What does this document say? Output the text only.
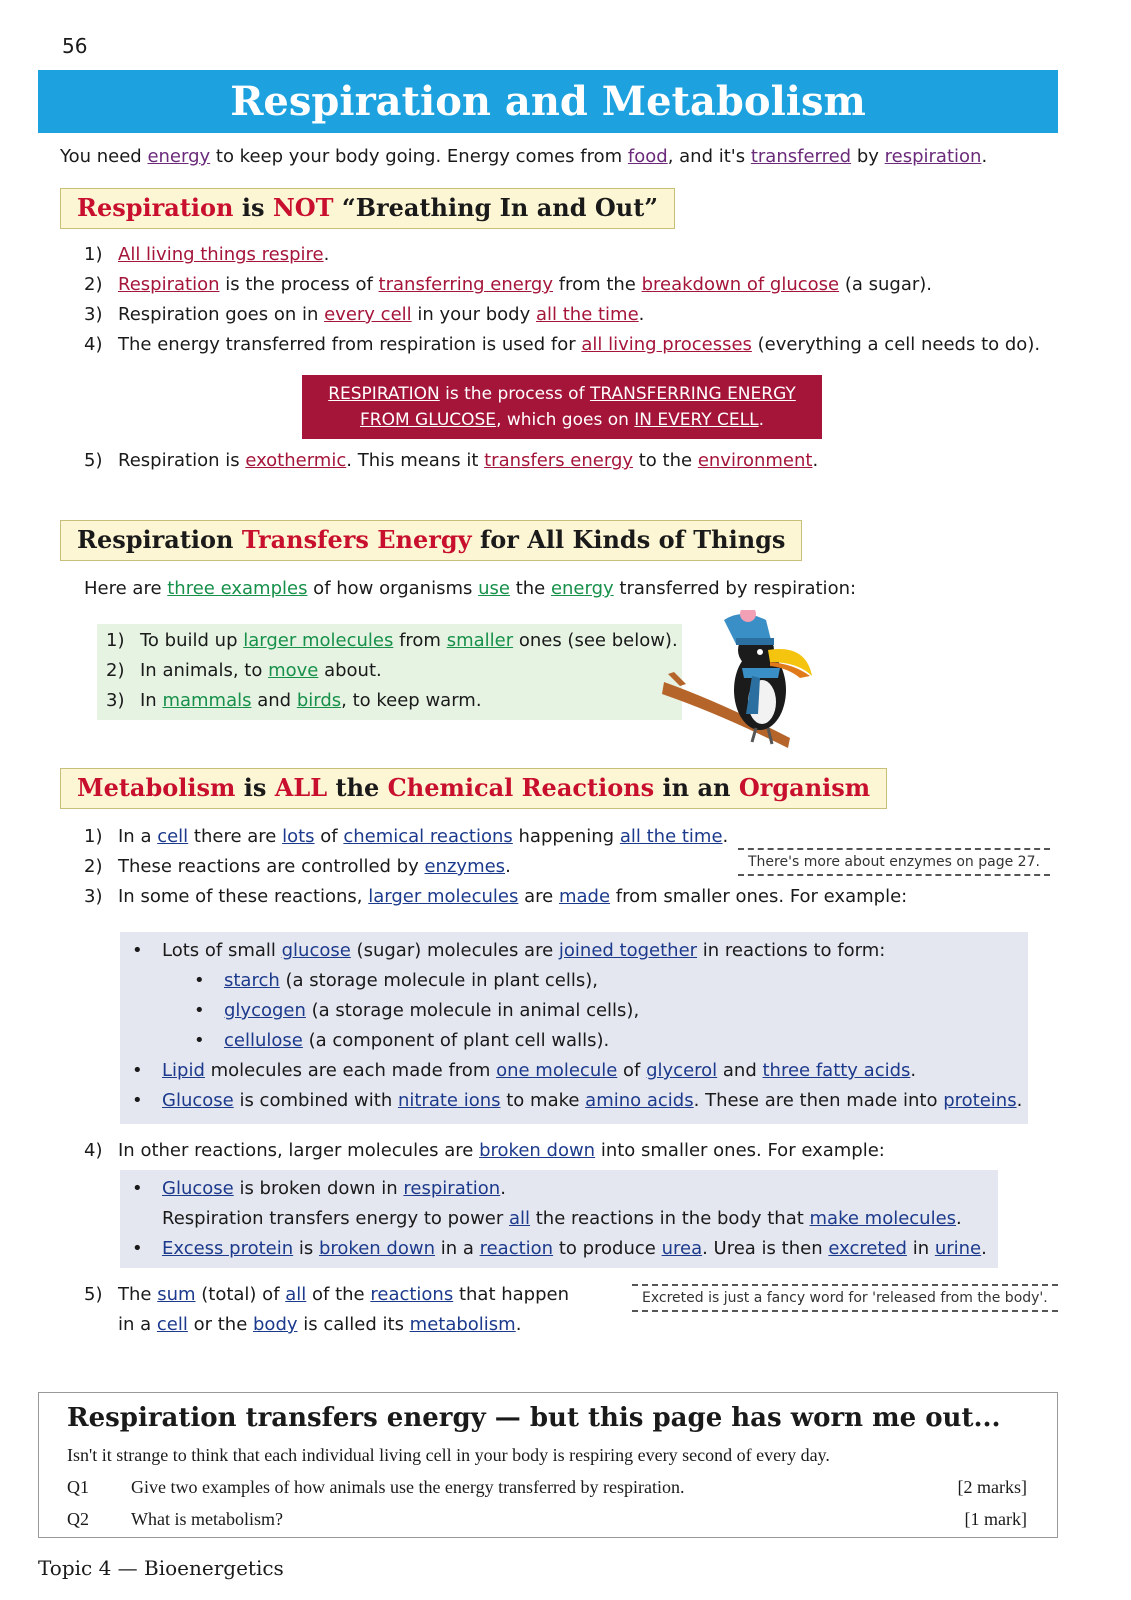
56
Respiration and Metabolism
You need energy to keep your body going. Energy comes from food, and it's transferred by respiration.
Respiration is NOT “Breathing In and Out”
1) All living things respire.
2) Respiration is the process of transferring energy from the breakdown of glucose (a sugar).
3) Respiration goes on in every cell in your body all the time.
4) The energy transferred from respiration is used for all living processes (everything a cell needs to do).
RESPIRATION is the process of TRANSFERRING ENERGY
FROM GLUCOSE, which goes on IN EVERY CELL.
5) Respiration is exothermic. This means it transfers energy to the environment.
Respiration Transfers Energy for All Kinds of Things
Here are three examples of how organisms use the energy transferred by respiration:
1) To build up larger molecules from smaller ones (see below).
2) In animals, to move about.
3) In mammals and birds, to keep warm.
Metabolism is ALL the Chemical Reactions in an Organism
1) In a cell there are lots of chemical reactions happening all the time.
2) These reactions are controlled by enzymes.
3) In some of these reactions, larger molecules are made from smaller ones. For example:
There's more about enzymes on page 27.
• Lots of small glucose (sugar) molecules are joined together in reactions to form:
• starch (a storage molecule in plant cells),
• glycogen (a storage molecule in animal cells),
• cellulose (a component of plant cell walls).
• Lipid molecules are each made from one molecule of glycerol and three fatty acids.
• Glucose is combined with nitrate ions to make amino acids. These are then made into proteins.
4) In other reactions, larger molecules are broken down into smaller ones. For example:
• Glucose is broken down in respiration.
Respiration transfers energy to power all the reactions in the body that make molecules.
• Excess protein is broken down in a reaction to produce urea. Urea is then excreted in urine.
5) The sum (total) of all of the reactions that happen
in a cell or the body is called its metabolism.
Excreted is just a fancy word for 'released from the body'.
Respiration transfers energy — but this page has worn me out...
Isn't it strange to think that each individual living cell in your body is respiring every second of every day.
Q1 Give two examples of how animals use the energy transferred by respiration.	[2 marks]
Q2 What is metabolism?	[1 mark]
Topic 4 — Bioenergetics
